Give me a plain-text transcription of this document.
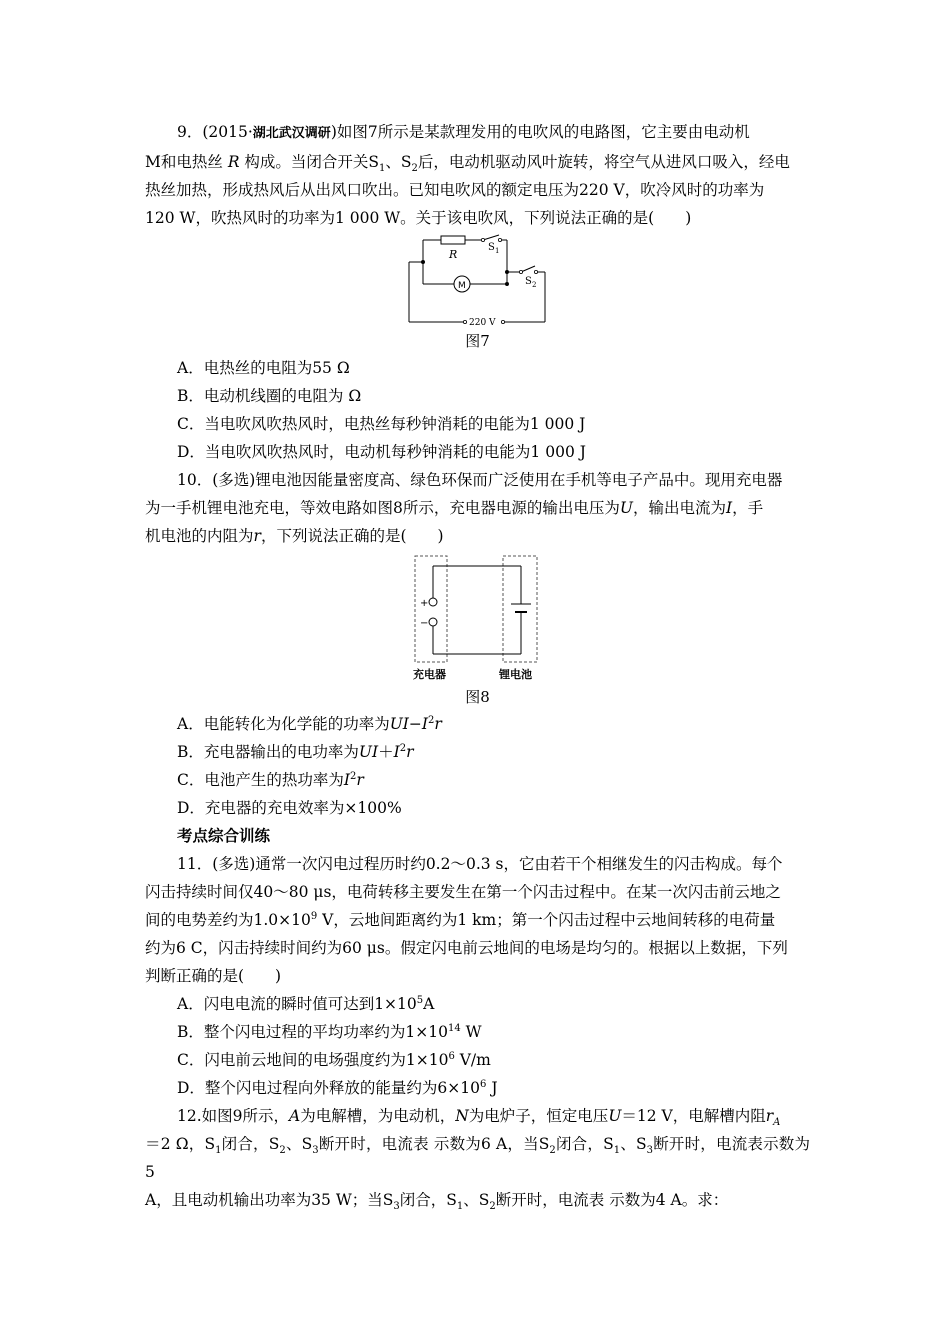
9．(2015·湖北武汉调研)如图7所示是某款理发用的电吹风的电路图，它主要由电动机

M和电热丝 R 构成。当闭合开关$S_1$、$S_2$后，电动机驱动风叶旋转，将空气从进风口吸入，经电

热丝加热，形成热风后从出风口吹出。已知电吹风的额定电压为220 V，吹冷风时的功率为

120 W，吹热风时的功率为1 000 W。关于该电吹风，下列说法正确的是(　　)

R
S 1
S 2
M
220 V
图7

A．电热丝的电阻为55 Ω

B．电动机线圈的电阻为 Ω

C．当电吹风吹热风时，电热丝每秒钟消耗的电能为1 000 J

D．当电吹风吹热风时，电动机每秒钟消耗的电能为1 000 J

10．(多选)锂电池因能量密度高、绿色环保而广泛使用在手机等电子产品中。现用充电器

为一手机锂电池充电，等效电路如图8所示，充电器电源的输出电压为U，输出电流为I，手

机电池的内阻为r，下列说法正确的是(　　)

+
−
充电器	锂电池
图8

A．电能转化为化学能的功率为$UI-I^2r$

B．充电器输出的电功率为$UI+I^2r$

C．电池产生的热功率为$I^2r$

D．充电器的充电效率为×100%

考点综合训练

11．(多选)通常一次闪电过程历时约0.2～0.3 s，它由若干个相继发生的闪击构成。每个

闪击持续时间仅40～80 μs，电荷转移主要发生在第一个闪击过程中。在某一次闪击前云地之

间的电势差约为$1.0\times 10^9$ V，云地间距离约为1 km；第一个闪击过程中云地间转移的电荷量

约为6 C，闪击持续时间约为60 μs。假定闪电前云地间的电场是均匀的。根据以上数据，下列

判断正确的是(　　)

A．闪电电流的瞬时值可达到$1\times 10^5A$

B．整个闪电过程的平均功率约为$1\times 10^{14}$ W

C．闪电前云地间的电场强度约为$1\times 10^6$ V/m

D．整个闪电过程向外释放的能量约为$6\times 10^6$ J

12.如图9所示，A为电解槽，为电动机，N为电炉子，恒定电压U＝12 V，电解槽内阻$r_A$

＝2 Ω，$S_1$闭合，$S_2$、$S_3$断开时，电流表 示数为6 A，当$S_2$闭合，$S_1$、$S_3$断开时，电流表示数为5

A，且电动机输出功率为35 W；当$S_3$闭合，$S_1$、$S_2$断开时，电流表 示数为4 A。求：
